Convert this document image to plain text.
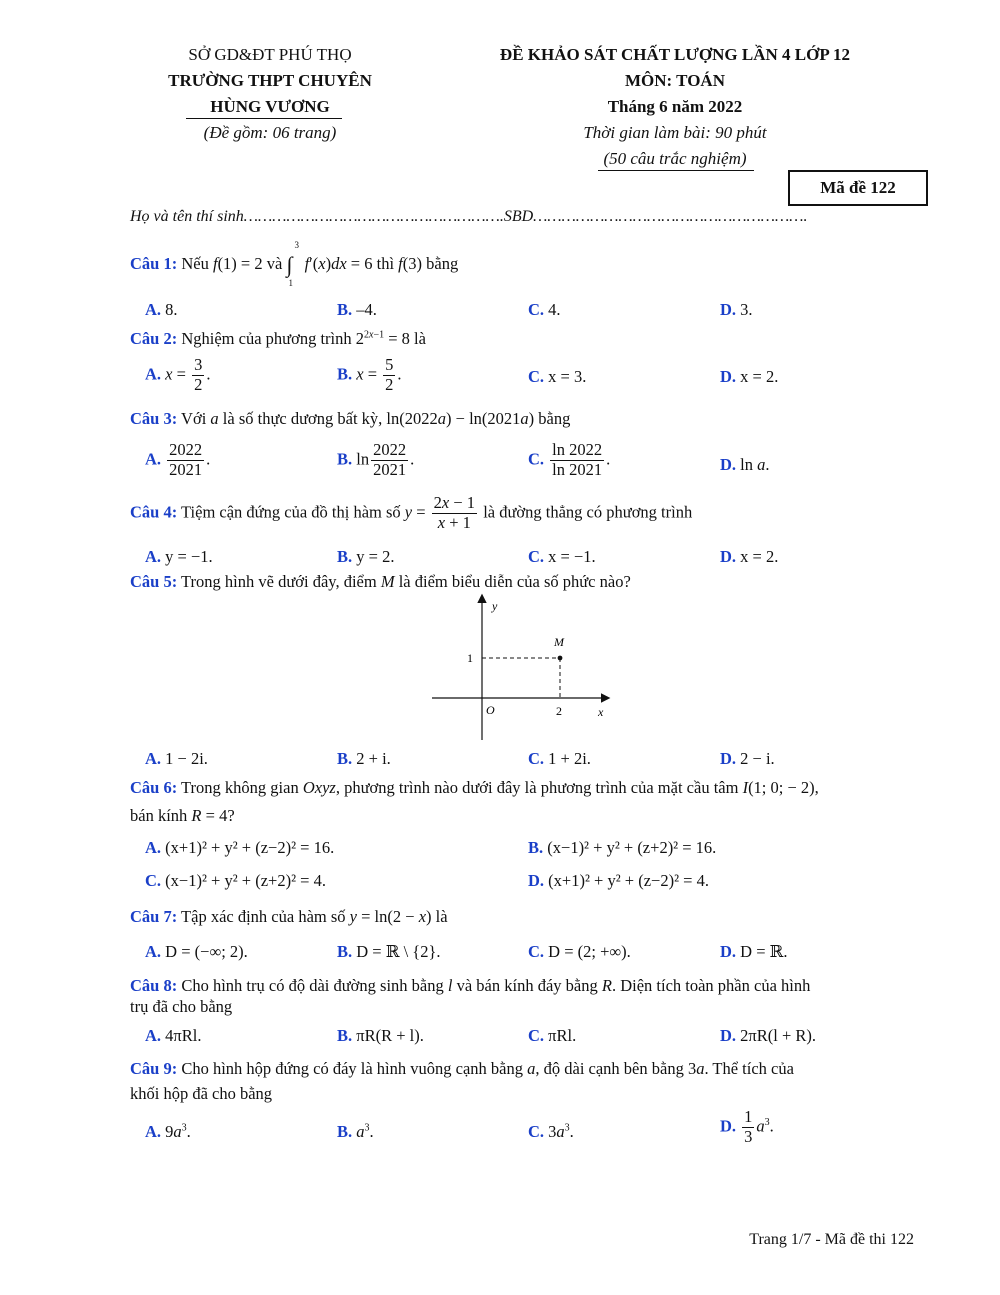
SỞ GD&ĐT PHÚ THỌ
TRƯỜNG THPT CHUYÊN
HÙNG VƯƠNG
(Đề gồm: 06 trang)
ĐỀ KHẢO SÁT CHẤT LƯỢNG LẦN 4 LỚP 12
MÔN: TOÁN
Tháng 6 năm 2022
Thời gian làm bài: 90 phút
(50 câu trắc nghiệm)
Mã đề 122
Họ và tên thí sinh……………………………………………….SBD………………………………………………….
Câu 1: Nếu f(1) = 2 và ∫
3
1
f′(x)dx = 6 thì f(3) bằng
A. 8.	B. –4.	C. 4.	D. 3.
Câu 2: Nghiệm của phương trình $2^{2x-1} = 8$ là
A. $x = \frac{3}{2}$ .	B. $x = \frac{5}{2}$ .	C. x = 3.	D. x = 2.
Câu 3: Với a là số thực dương bất kỳ, ln(2022a) − ln(2021a) bằng
A. $\frac{2022}{2021}$ .	B. $\ln \frac{2022}{2021}$ .	C. $\frac{\ln 2022}{\ln 2021}$ .	D. ln a.
Câu 4: Tiệm cận đứng của đồ thị hàm số $y = \frac{2x - 1}{x + 1}$ là đường thẳng có phương trình
A. y = −1.	B. y = 2.	C. x = −1.	D. x = 2.
Câu 5: Trong hình vẽ dưới đây, điểm M là điểm biểu diễn của số phức nào?
y
x
O
M
1
2
A. 1 − 2i.	B. 2 + i.	C. 1 + 2i.	D. 2 − i.
Câu 6: Trong không gian Oxyz, phương trình nào dưới đây là phương trình của mặt cầu tâm I(1; 0; − 2),
bán kính R = 4?
A. (x+1)² + y² + (z−2)² = 16.	B. (x−1)² + y² + (z+2)² = 16.
C. (x−1)² + y² + (z+2)² = 4.	D. (x+1)² + y² + (z−2)² = 4.
Câu 7: Tập xác định của hàm số y = ln(2 − x) là
A. D = (−∞; 2).	B. D = ℝ \ {2}.	C. D = (2; +∞).	D. D = ℝ.
Câu 8: Cho hình trụ có độ dài đường sinh bằng l và bán kính đáy bằng R. Diện tích toàn phần của hình
trụ đã cho bằng
A. 4πRl.	B. πR(R + l).	C. πRl.	D. 2πR(l + R).
Câu 9: Cho hình hộp đứng có đáy là hình vuông cạnh bằng a, độ dài cạnh bên bằng 3a. Thể tích của
khối hộp đã cho bằng
A. $9a^3$.	B. $a^3$.	C. $3a^3$.	D. $\frac{1}{3} a^3$.
Trang 1/7 - Mã đề thi 122
